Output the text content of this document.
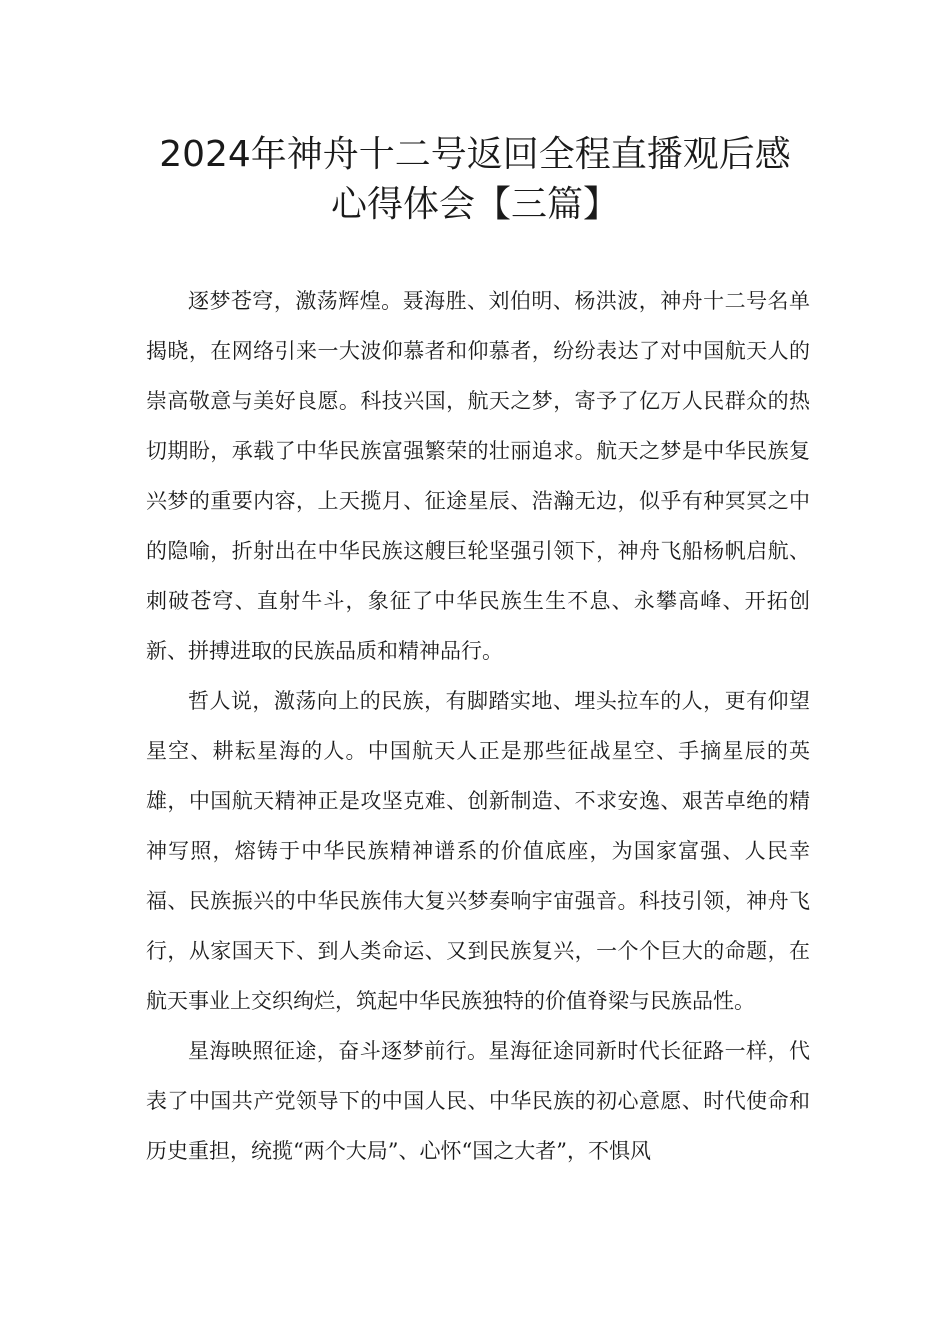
2024年神舟十二号返回全程直播观后感
心得体会【三篇】

逐梦苍穹，激荡辉煌。聂海胜、刘伯明、杨洪波，神舟十二号名单揭晓，在网络引来一大波仰慕者和仰慕者，纷纷表达了对中国航天人的崇高敬意与美好良愿。科技兴国，航天之梦，寄予了亿万人民群众的热切期盼，承载了中华民族富强繁荣的壮丽追求。航天之梦是中华民族复兴梦的重要内容，上天揽月、征途星辰、浩瀚无边，似乎有种冥冥之中的隐喻，折射出在中华民族这艘巨轮坚强引领下，神舟飞船杨帆启航、刺破苍穹、直射牛斗，象征了中华民族生生不息、永攀高峰、开拓创新、拼搏进取的民族品质和精神品行。

哲人说，激荡向上的民族，有脚踏实地、埋头拉车的人，更有仰望星空、耕耘星海的人。中国航天人正是那些征战星空、手摘星辰的英雄，中国航天精神正是攻坚克难、创新制造、不求安逸、艰苦卓绝的精神写照，熔铸于中华民族精神谱系的价值底座，为国家富强、人民幸福、民族振兴的中华民族伟大复兴梦奏响宇宙强音。科技引领，神舟飞行，从家国天下、到人类命运、又到民族复兴，一个个巨大的命题，在航天事业上交织绚烂，筑起中华民族独特的价值脊梁与民族品性。

星海映照征途，奋斗逐梦前行。星海征途同新时代长征路一样，代表了中国共产党领导下的中国人民、中华民族的初心意愿、时代使命和历史重担，统揽“两个大局”、心怀“国之大者”，不惧风
